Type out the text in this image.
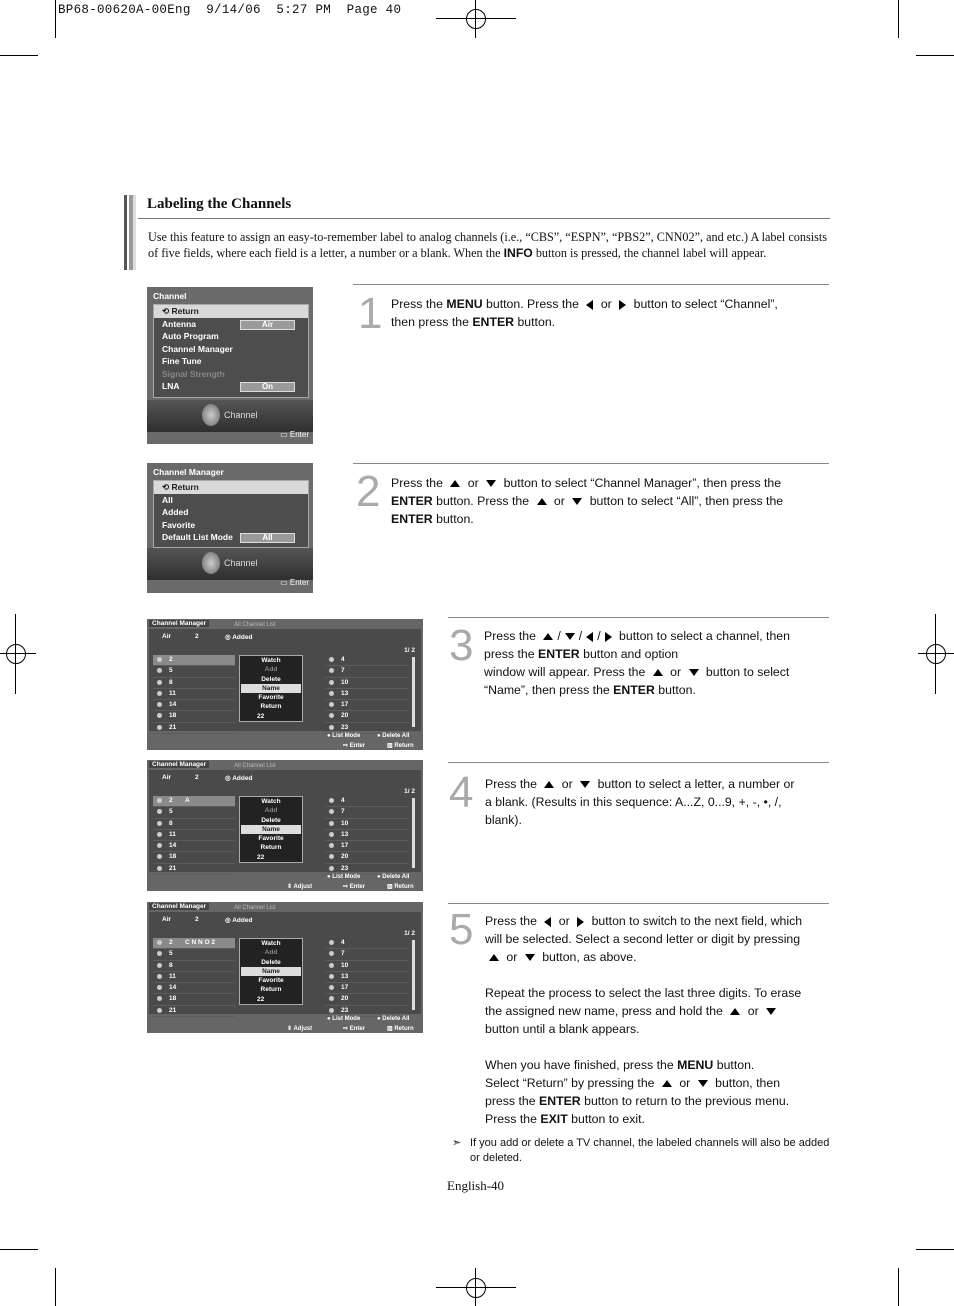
BP68-00620A-00Eng  9/14/06  5:27 PM  Page 40
Labeling the Channels
Use this feature to assign an easy-to-remember label to analog channels (i.e., “CBS”, “ESPN”, “PBS2”, CNN02”, and etc.) A label consists of five fields, where each field is a letter, a number or a blank. When the INFO button is pressed, the channel label will appear.
Channel
⟲ Return
Antenna	Air
Auto Program
Channel Manager
Fine Tune
Signal Strength
LNA	On
Channel
▭ Enter
Channel Manager
⟲ Return
All
Added
Favorite
Default List Mode	All
Channel
▭ Enter
Channel Manager	All Channel List
Air	2	◎ Added
1/ 2
2
5
8
11
14
18
21
4
7
10
13
17
20
23
Watch
Add
Delete
Name
Favorite
Return
22
● List Mode	● Delete All
⇨ Enter	▥ Return
Channel Manager	All Channel List
Air	2	◎ Added
1/ 2
2 A
5
8
11
14
18
21
4
7
10
13
17
20
23
Watch
Add
Delete
Name
Favorite
Return
22
● List Mode	● Delete All
⇕ Adjust	⇨ Enter	▥ Return
Channel Manager	All Channel List
Air	2	◎ Added
1/ 2
2 C N N O 2
5
8
11
14
18
21
4
7
10
13
17
20
23
Watch
Add
Delete
Name
Favorite
Return
22
● List Mode	● Delete All
⇕ Adjust	⇨ Enter	▥ Return
1 Press the MENU button. Press the  or  button to select “Channel”,
then press the ENTER button.
2 Press the  or  button to select “Channel Manager”, then press the
ENTER button. Press the  or  button to select “All”, then press the
ENTER button.
3 Press the / / / button to select a channel, then
press the ENTER button and option
window will appear. Press the  or  button to select
“Name”, then press the ENTER button.
4 Press the  or  button to select a letter, a number or
a blank. (Results in this sequence: A...Z, 0...9, +, -, •, /,
blank).
5 Press the  or  button to switch to the next field, which
will be selected. Select a second letter or digit by pressing
or  button, as above.

Repeat the process to select the last three digits. To erase
the assigned new name, press and hold the  or
button until a blank appears.

When you have finished, press the MENU button.
Select “Return” by pressing the  or  button, then
press the ENTER button to return to the previous menu.
Press the EXIT button to exit.
➣ If you add or delete a TV channel, the labeled channels will also be added or deleted.
English-40
